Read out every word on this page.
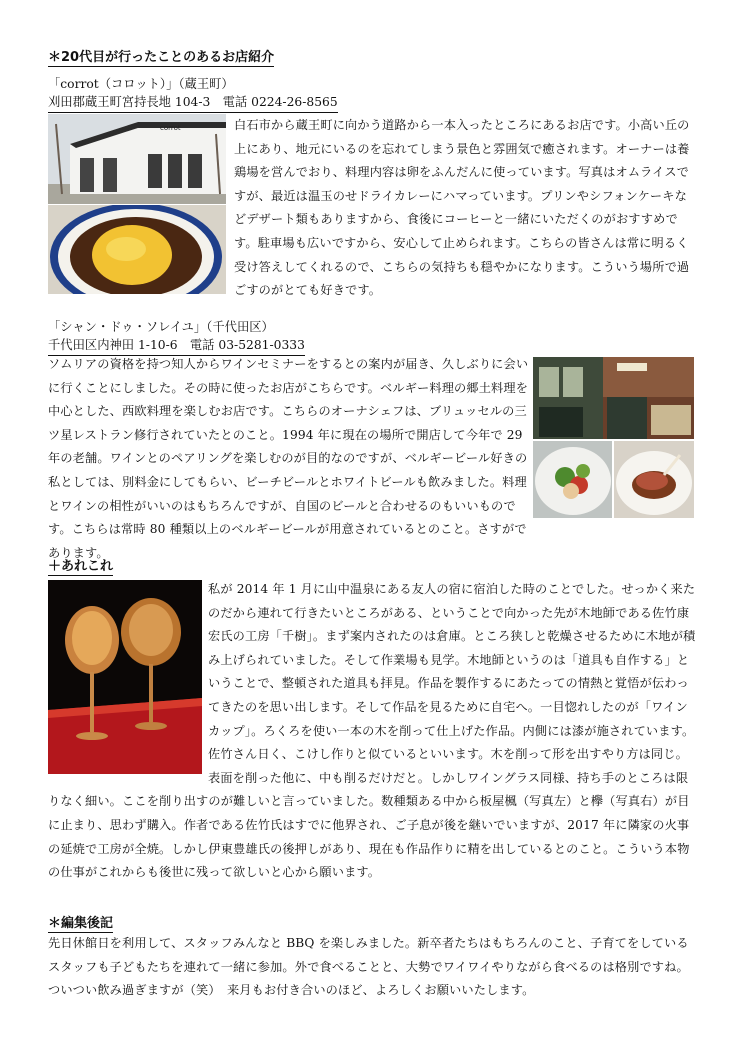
＊20代目が行ったことのあるお店紹介
「corrot（コロット）」（蔵王町）
刈田郡蔵王町宮持長地 104-3　電話 0224-26-8565
corrot	白石市から蔵王町に向かう道路から一本入ったところにあるお店です。小高い丘の上にあり、地元にいるのを忘れてしまう景色と雰囲気で癒されます。オーナーは養鶏場を営んでおり、料理内容は卵をふんだんに使っています。写真はオムライスですが、最近は温玉のせドライカレーにハマっています。プリンやシフォンケーキなどデザート類もありますから、食後にコーヒーと一緒にいただくのがおすすめです。駐車場も広いですから、安心して止められます。こちらの皆さんは常に明るく受け答えしてくれるので、こちらの気持ちも穏やかになります。こういう場所で過ごすのがとても好きです。
「シャン・ドゥ・ソレイユ」（千代田区）
千代田区内神田 1-10-6　電話 03-5281-0333
ソムリアの資格を持つ知人からワインセミナーをするとの案内が届き、久しぶりに会いに行くことにしました。その時に使ったお店がこちらです。ベルギー料理の郷土料理を中心とした、西欧料理を楽しむお店です。こちらのオーナシェフは、ブリュッセルの三ツ星レストラン修行されていたとのこと。1994 年に現在の場所で開店して今年で 29 年の老舗。ワインとのペアリングを楽しむのが目的なのですが、ベルギービール好きの私としては、別料金にしてもらい、ビーチビールとホワイトビールも飲みました。料理とワインの相性がいいのはもちろんですが、自国のビールと合わせるのもいいものです。こちらは常時 80 種類以上のベルギービールが用意されているとのこと。さすがであります。
＋あれこれ
私が 2014 年 1 月に山中温泉にある友人の宿に宿泊した時のことでした。せっかく来たのだから連れて行きたいところがある、ということで向かった先が木地師である佐竹康宏氏の工房「千樹」。まず案内されたのは倉庫。ところ狭しと乾燥させるために木地が積み上げられていました。そして作業場も見学。木地師というのは「道具も自作する」ということで、整頓された道具も拝見。作品を製作するにあたっての情熱と覚悟が伝わってきたのを思い出します。そして作品を見るために自宅へ。一目惚れしたのが「ワインカップ」。ろくろを使い一本の木を削って仕上げた作品。内側には漆が施されています。佐竹さん日く、こけし作りと似ているといいます。木を削って形を出すやり方は同じ。表面を削った他に、中も削るだけだと。しかしワイングラス同様、持ち手のところは限りなく細い。ここを削り出すのが難しいと言っていました。数種類ある中から板屋楓（写真左）と欅（写真右）が目に止まり、思わず購入。作者である佐竹氏はすでに他界され、ご子息が後を継いでいますが、2017 年に隣家の火事の延焼で工房が全焼。しかし伊東豊雄氏の後押しがあり、現在も作品作りに精を出しているとのこと。こういう本物の仕事がこれからも後世に残って欲しいと心から願います。
＊編集後記
先日休館日を利用して、スタッフみんなと BBQ を楽しみました。新卒者たちはもちろんのこと、子育てをしているスタッフも子どもたちを連れて一緒に参加。外で食べることと、大勢でワイワイやりながら食べるのは格別ですね。ついつい飲み過ぎますが（笑）　来月もお付き合いのほど、よろしくお願いいたします。
